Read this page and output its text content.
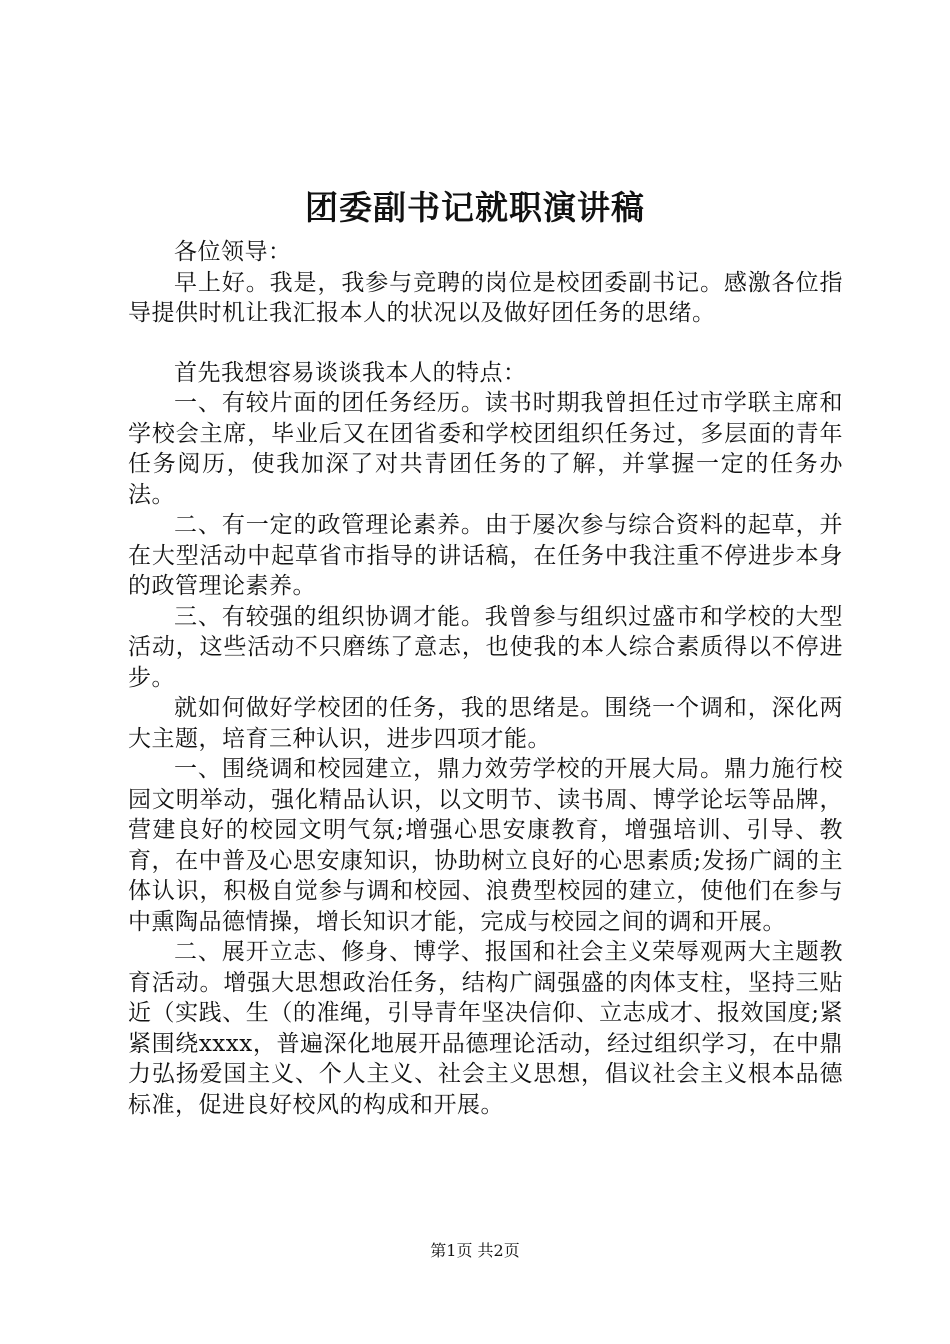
团委副书记就职演讲稿

各位领导：

早上好。我是，我参与竞聘的岗位是校团委副书记。感激各位指导提供时机让我汇报本人的状况以及做好团任务的思绪。

首先我想容易谈谈我本人的特点：

一、有较片面的团任务经历。读书时期我曾担任过市学联主席和学校会主席，毕业后又在团省委和学校团组织任务过，多层面的青年任务阅历，使我加深了对共青团任务的了解，并掌握一定的任务办法。

二、有一定的政管理论素养。由于屡次参与综合资料的起草，并在大型活动中起草省市指导的讲话稿，在任务中我注重不停进步本身的政管理论素养。

三、有较强的组织协调才能。我曾参与组织过盛市和学校的大型活动，这些活动不只磨练了意志，也使我的本人综合素质得以不停进步。

就如何做好学校团的任务，我的思绪是。围绕一个调和，深化两大主题，培育三种认识，进步四项才能。

一、围绕调和校园建立，鼎力效劳学校的开展大局。鼎力施行校园文明举动，强化精品认识，以文明节、读书周、博学论坛等品牌，营建良好的校园文明气氛;增强心思安康教育，增强培训、引导、教育，在中普及心思安康知识，协助树立良好的心思素质;发扬广阔的主体认识，积极自觉参与调和校园、浪费型校园的建立，使他们在参与中熏陶品德情操，增长知识才能，完成与校园之间的调和开展。

二、展开立志、修身、博学、报国和社会主义荣辱观两大主题教育活动。增强大思想政治任务，结构广阔强盛的肉体支柱，坚持三贴近（实践、生（的准绳，引导青年坚决信仰、立志成才、报效国度;紧紧围绕xxxx，普遍深化地展开品德理论活动，经过组织学习，在中鼎力弘扬爱国主义、个人主义、社会主义思想，倡议社会主义根本品德标准，促进良好校风的构成和开展。

第1页 共2页
